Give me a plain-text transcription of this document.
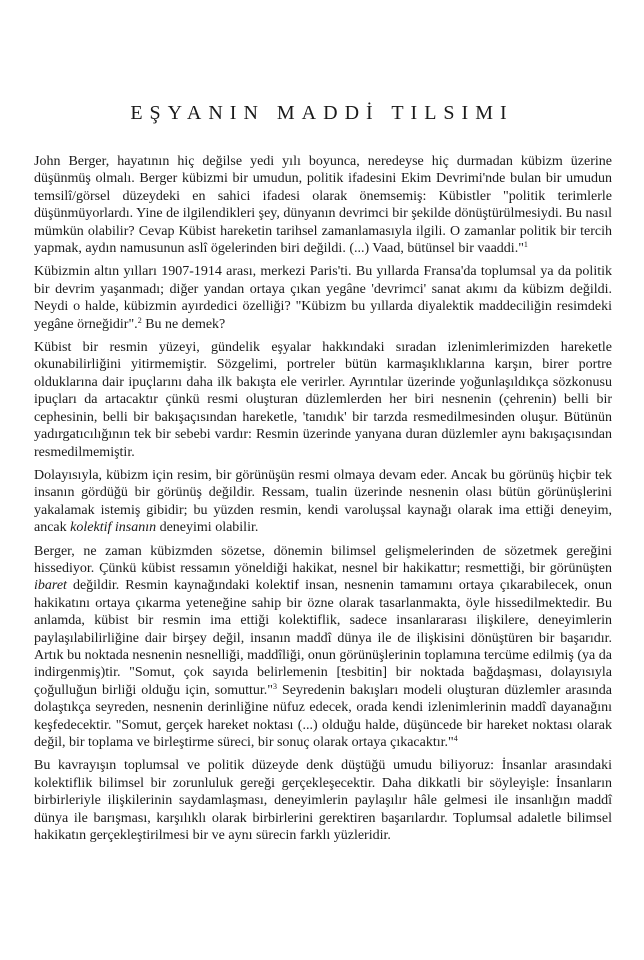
EŞYANIN MADDİ TILSIMI

John Berger, hayatının hiç değilse yedi yılı boyunca, neredeyse hiç durmadan kübizm üzerine düşünmüş olmalı. Berger kübizmi bir umudun, politik ifadesini Ekim Devrimi'nde bulan bir umudun temsilî/görsel düzeydeki en sahici ifadesi olarak önemsemiş: Kübistler "politik terimlerle düşünmüyorlardı. Yine de ilgilendikleri şey, dünyanın devrimci bir şekilde dönüştürülmesiydi. Bu nasıl mümkün olabilir? Cevap Kübist hareketin tarihsel zamanlamasıyla ilgili. O zamanlar politik bir tercih yapmak, aydın namusunun aslî ögelerinden biri değildi. (...) Vaad, bütünsel bir vaaddi."$^1$

Kübizmin altın yılları 1907-1914 arası, merkezi Paris'ti. Bu yıllarda Fransa'da toplumsal ya da politik bir devrim yaşanmadı; diğer yandan ortaya çıkan yegâne 'devrimci' sanat akımı da kübizm değildi. Neydi o halde, kübizmin ayırdedici özelliği? "Kübizm bu yıllarda diyalektik maddeciliğin resimdeki yegâne örneğidir".$^2$ Bu ne demek?

Kübist bir resmin yüzeyi, gündelik eşyalar hakkındaki sıradan izlenimlerimizden hareketle okunabilirliğini yitirmemiştir. Sözgelimi, portreler bütün karmaşıklıklarına karşın, birer portre olduklarına dair ipuçlarını daha ilk bakışta ele verirler. Ayrıntılar üzerinde yoğunlaşıldıkça sözkonusu ipuçları da artacaktır çünkü resmi oluşturan düzlemlerden her biri nesnenin (çehrenin) belli bir cephesinin, belli bir bakışaçısından hareketle, 'tanıdık' bir tarzda resmedilmesinden oluşur. Bütünün yadırgatıcılığının tek bir sebebi vardır: Resmin üzerinde yanyana duran düzlemler aynı bakışaçısından resmedilmemiştir.

Dolayısıyla, kübizm için resim, bir görünüşün resmi olmaya devam eder. Ancak bu görünüş hiçbir tek insanın gördüğü bir görünüş değildir. Ressam, tualin üzerinde nesnenin olası bütün görünüşlerini yakalamak istemiş gibidir; bu yüzden resmin, kendi varoluşsal kaynağı olarak ima ettiği deneyim, ancak kolektif insanın deneyimi olabilir.

Berger, ne zaman kübizmden sözetse, dönemin bilimsel gelişmelerinden de sözetmek gereğini hissediyor. Çünkü kübist ressamın yöneldiği hakikat, nesnel bir hakikattır; resmettiği, bir görünüşten ibaret değildir. Resmin kaynağındaki kolektif insan, nesnenin tamamını ortaya çıkarabilecek, onun hakikatını ortaya çıkarma yeteneğine sahip bir özne olarak tasarlanmakta, öyle hissedilmektedir. Bu anlamda, kübist bir resmin ima ettiği kolektiflik, sadece insanlararası ilişkilere, deneyimlerin paylaşılabilirliğine dair birşey değil, insanın maddî dünya ile de ilişkisini dönüştüren bir başarıdır. Artık bu noktada nesnenin nesnelliği, maddîliği, onun görünüşlerinin toplamına tercüme edilmiş (ya da indirgenmiş)tir. "Somut, çok sayıda belirlemenin [tesbitin] bir noktada bağdaşması, dolayısıyla çoğulluğun birliği olduğu için, somuttur."$^3$ Seyredenin bakışları modeli oluşturan düzlemler arasında dolaştıkça seyreden, nesnenin derinliğine nüfuz edecek, orada kendi izlenimlerinin maddî dayanağını keşfedecektir. "Somut, gerçek hareket noktası (...) olduğu halde, düşüncede bir hareket noktası olarak değil, bir toplama ve birleştirme süreci, bir sonuç olarak ortaya çıkacaktır."$^4$

Bu kavrayışın toplumsal ve politik düzeyde denk düştüğü umudu biliyoruz: İnsanlar arasındaki kolektiflik bilimsel bir zorunluluk gereği gerçekleşecektir. Daha dikkatli bir söyleyişle: İnsanların birbirleriyle ilişkilerinin saydamlaşması, deneyimlerin paylaşılır hâle gelmesi ile insanlığın maddî dünya ile barışması, karşılıklı olarak birbirlerini gerektiren başarılardır. Toplumsal adaletle bilimsel hakikatın gerçekleştirilmesi bir ve aynı sürecin farklı yüzleridir.
